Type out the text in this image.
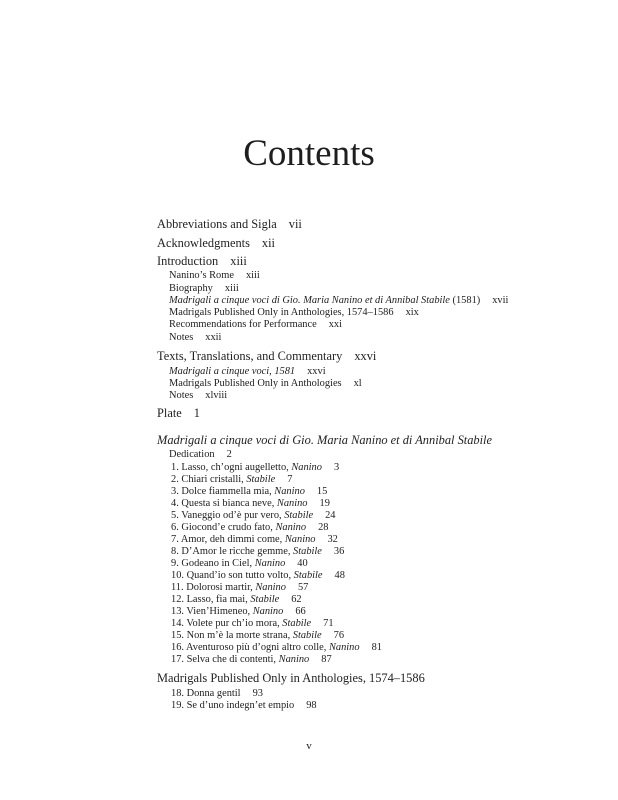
Contents
Abbreviations and Sigla vii
Acknowledgments xii
Introduction xiii
Nanino’s Rome xiii
Biography xiii
Madrigali a cinque voci di Gio. Maria Nanino et di Annibal Stabile (1581) xvii
Madrigals Published Only in Anthologies, 1574–1586 xix
Recommendations for Performance xxi
Notes xxii
Texts, Translations, and Commentary xxvi
Madrigali a cinque voci, 1581 xxvi
Madrigals Published Only in Anthologies xl
Notes xlviii
Plate 1
Madrigali a cinque voci di Gio. Maria Nanino et di Annibal Stabile
Dedication 2
1. Lasso, ch’ogni augelletto, Nanino 3
2. Chiari cristalli, Stabile 7
3. Dolce fiammella mia, Nanino 15
4. Questa si bianca neve, Nanino 19
5. Vaneggio od’è pur vero, Stabile 24
6. Giocond’e crudo fato, Nanino 28
7. Amor, deh dimmi come, Nanino 32
8. D’Amor le ricche gemme, Stabile 36
9. Godeano in Ciel, Nanino 40
10. Quand’io son tutto volto, Stabile 48
11. Dolorosi martir, Nanino 57
12. Lasso, fia mai, Stabile 62
13. Vien’Himeneo, Nanino 66
14. Volete pur ch’io mora, Stabile 71
15. Non m’è la morte strana, Stabile 76
16. Aventuroso più d’ogni altro colle, Nanino 81
17. Selva che di contenti, Nanino 87
Madrigals Published Only in Anthologies, 1574–1586
18. Donna gentil 93
19. Se d’uno indegn’et empio 98
v
